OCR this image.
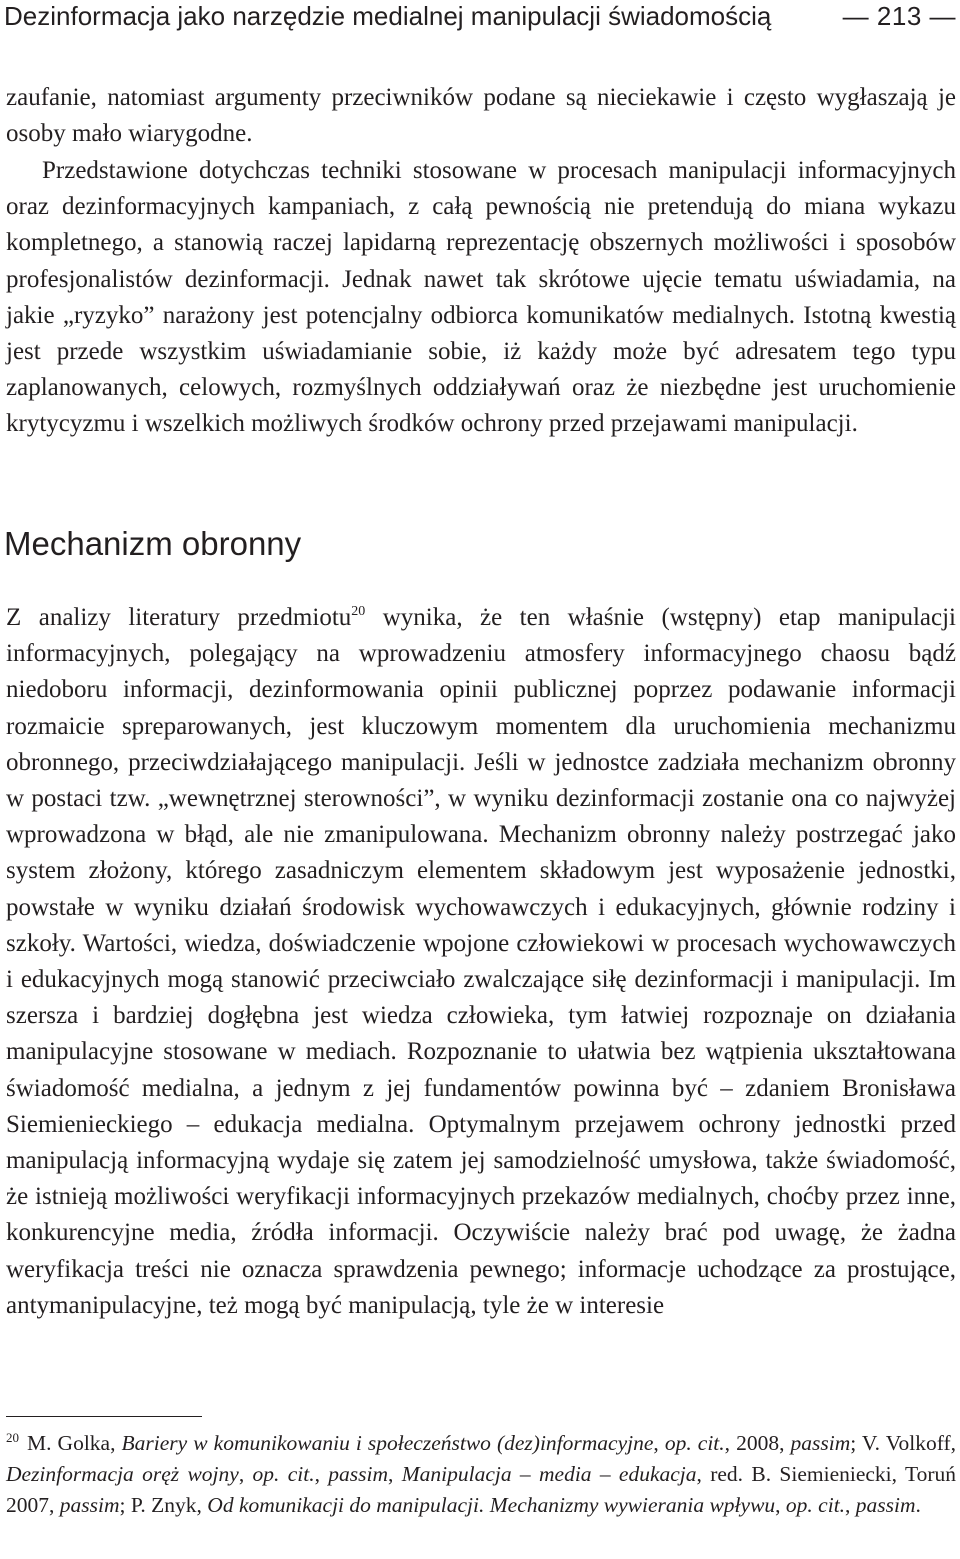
Dezinformacja jako narzędzie medialnej manipulacji świadomością	— 213 —

zaufanie, natomiast argumenty przeciwników podane są nieciekawie i często wygłaszają je osoby mało wiarygodne.

Przedstawione dotychczas techniki stosowane w procesach manipulacji informacyjnych oraz dezinformacyjnych kampaniach, z całą pewnością nie pretendują do miana wykazu kompletnego, a stanowią raczej lapidarną reprezentację obszernych możliwości i sposobów profesjonalistów dezinformacji. Jednak nawet tak skrótowe ujęcie tematu uświadamia, na jakie „ryzyko” narażony jest potencjalny odbiorca komunikatów medialnych. Istotną kwestią jest przede wszystkim uświadamianie sobie, iż każdy może być adresatem tego typu zaplanowanych, celowych, rozmyślnych oddziaływań oraz że niezbędne jest uruchomienie krytycyzmu i wszelkich możliwych środków ochrony przed przejawami manipulacji.

Mechanizm obronny

Z analizy literatury przedmiotu$^{20}$ wynika, że ten właśnie (wstępny) etap manipulacji informacyjnych, polegający na wprowadzeniu atmosfery informacyjnego chaosu bądź niedoboru informacji, dezinformowania opinii publicznej poprzez podawanie informacji rozmaicie spreparowanych, jest kluczowym momentem dla uruchomienia mechanizmu obronnego, przeciwdziałającego manipulacji. Jeśli w jednostce zadziała mechanizm obronny w postaci tzw. „wewnętrznej sterowności”, w wyniku dezinformacji zostanie ona co najwyżej wprowadzona w błąd, ale nie zmanipulowana. Mechanizm obronny należy postrzegać jako system złożony, którego zasadniczym elementem składowym jest wyposażenie jednostki, powstałe w wyniku działań środowisk wychowawczych i edukacyjnych, głównie rodziny i szkoły. Wartości, wiedza, doświadczenie wpojone człowiekowi w procesach wychowawczych i edukacyjnych mogą stanowić przeciwciało zwalczające siłę dezinformacji i manipulacji. Im szersza i bardziej dogłębna jest wiedza człowieka, tym łatwiej rozpoznaje on działania manipulacyjne stosowane w mediach. Rozpoznanie to ułatwia bez wątpienia ukształtowana świadomość medialna, a jednym z jej fundamentów powinna być – zdaniem Bronisława Siemienieckiego – edukacja medialna. Optymalnym przejawem ochrony jednostki przed manipulacją informacyjną wydaje się zatem jej samodzielność umysłowa, także świadomość, że istnieją możliwości weryfikacji informacyjnych przekazów medialnych, choćby przez inne, konkurencyjne media, źródła informacji. Oczywiście należy brać pod uwagę, że żadna weryfikacja treści nie oznacza sprawdzenia pewnego; informacje uchodzące za prostujące, antymanipulacyjne, też mogą być manipulacją, tyle że w interesie

$^{20}$ M. Golka, Bariery w komunikowaniu i społeczeństwo (dez)informacyjne, op. cit., 2008, passim; V. Volkoff, Dezinformacja oręż wojny, op. cit., passim, Manipulacja – media – edukacja, red. B. Siemieniecki, Toruń 2007, passim; P. Znyk, Od komunikacji do manipulacji. Mechanizmy wywierania wpływu, op. cit., passim.
